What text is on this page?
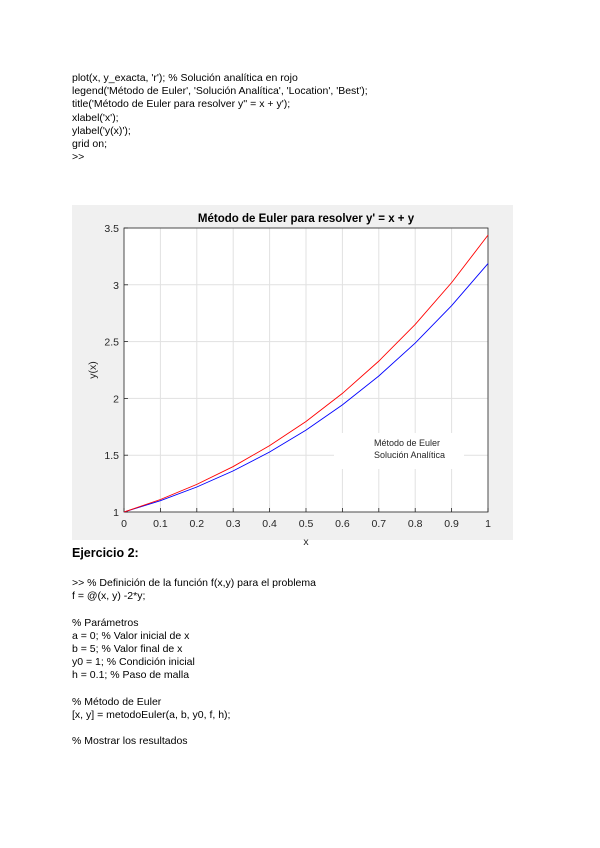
plot(x, y_exacta, 'r'); % Solución analítica en rojo
legend('Método de Euler', 'Solución Analítica', 'Location', 'Best');
title('Método de Euler para resolver y'' = x + y');
xlabel('x');
ylabel('y(x)');
grid on;
>>
0 0.1 0.2 0.3 0.4 0.5 0.6 0.7 0.8 0.9 1
1
1.5
2
2.5
3
3.5
Método de Euler para resolver y' = x + y
y(x)
x
Método de Euler
Solución Analítica
Ejercicio 2:
>> % Definición de la función f(x,y) para el problema
f = @(x, y) -2*y;
% Parámetros
a = 0; % Valor inicial de x
b = 5; % Valor final de x
y0 = 1; % Condición inicial
h = 0.1; % Paso de malla
% Método de Euler
[x, y] = metodoEuler(a, b, y0, f, h);
% Mostrar los resultados
